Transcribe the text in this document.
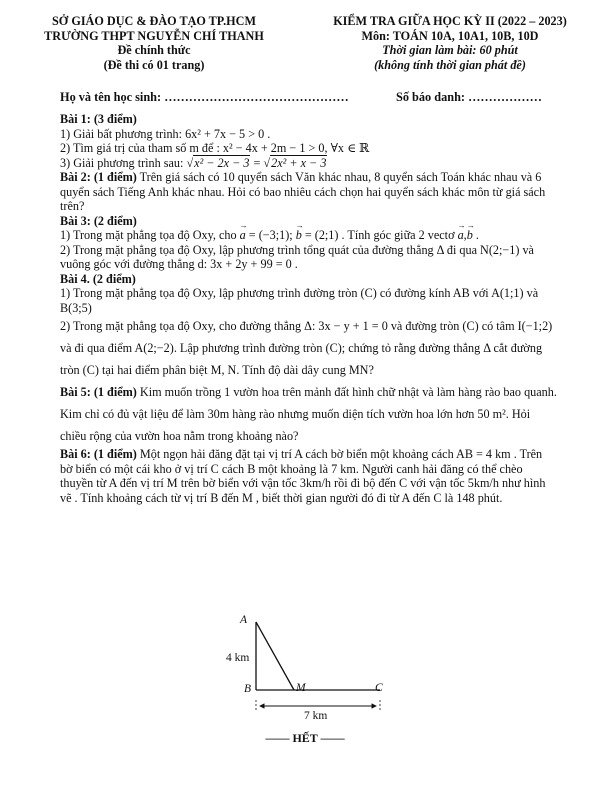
SỞ GIÁO DỤC & ĐÀO TẠO TP.HCM
TRƯỜNG THPT NGUYỄN CHÍ THANH
Đề chính thức
(Đề thi có 01 trang)
KIỂM TRA GIỮA HỌC KỲ II (2022 – 2023)
Môn: TOÁN 10A, 10A1, 10B, 10D
Thời gian làm bài: 60 phút
(không tính thời gian phát đề)
Họ và tên học sinh: ………………………………………	Số báo danh: ………………

Bài 1: (3 điểm)

1) Giải bất phương trình: 6x² + 7x − 5 > 0 .

2) Tìm giá trị của tham số m để : x² − 4x + 2m − 1 > 0, ∀x ∈ ℝ

3) Giải phương trình sau: √x² − 2x − 3 = √2x² + x − 3

Bài 2: (1 điểm) Trên giá sách có 10 quyển sách Văn khác nhau, 8 quyển sách Toán khác nhau và 6 quyển sách Tiếng Anh khác nhau. Hỏi có bao nhiêu cách chọn hai quyển sách khác môn từ giá sách trên?

Bài 3: (2 điểm)

1) Trong mặt phẳng tọa độ Oxy, cho → a = (−3;1); → b = (2;1) . Tính góc giữa 2 vectơ → a,→ b .

2) Trong mặt phẳng tọa độ Oxy, lập phương trình tổng quát của đường thẳng Δ đi qua N(2;−1) và vuông góc với đường thẳng d: 3x + 2y + 99 = 0 .

Bài 4. (2 điểm)

1) Trong mặt phẳng tọa độ Oxy, lập phương trình đường tròn (C) có đường kính AB với A(1;1) và B(3;5)

2) Trong mặt phẳng tọa độ Oxy, cho đường thẳng Δ: 3x − y + 1 = 0 và đường tròn (C) có tâm I(−1;2) và đi qua điểm A(2;−2). Lập phương trình đường tròn (C); chứng tỏ rằng đường thẳng Δ cắt đường tròn (C) tại hai điểm phân biệt M, N. Tính độ dài dây cung MN?

Bài 5: (1 điểm) Kim muốn trồng 1 vườn hoa trên mảnh đất hình chữ nhật và làm hàng rào bao quanh. Kim chỉ có đủ vật liệu để làm 30m hàng rào nhưng muốn diện tích vườn hoa lớn hơn 50 m². Hỏi chiều rộng của vườn hoa nằm trong khoảng nào?

Bài 6: (1 điểm) Một ngọn hải đăng đặt tại vị trí A cách bờ biển một khoảng cách AB = 4 km . Trên bờ biển có một cái kho ở vị trí C cách B một khoảng là 7 km. Người canh hải đăng có thể chèo thuyền từ A đến vị trí M trên bờ biển với vận tốc 3km/h rồi đi bộ đến C với vận tốc 5km/h như hình vẽ . Tính khoảng cách từ vị trí B đến M , biết thời gian người đó đi từ A đến C là 148 phút.

A
4 km
B	M	C
7 km
—— HẾT ——
